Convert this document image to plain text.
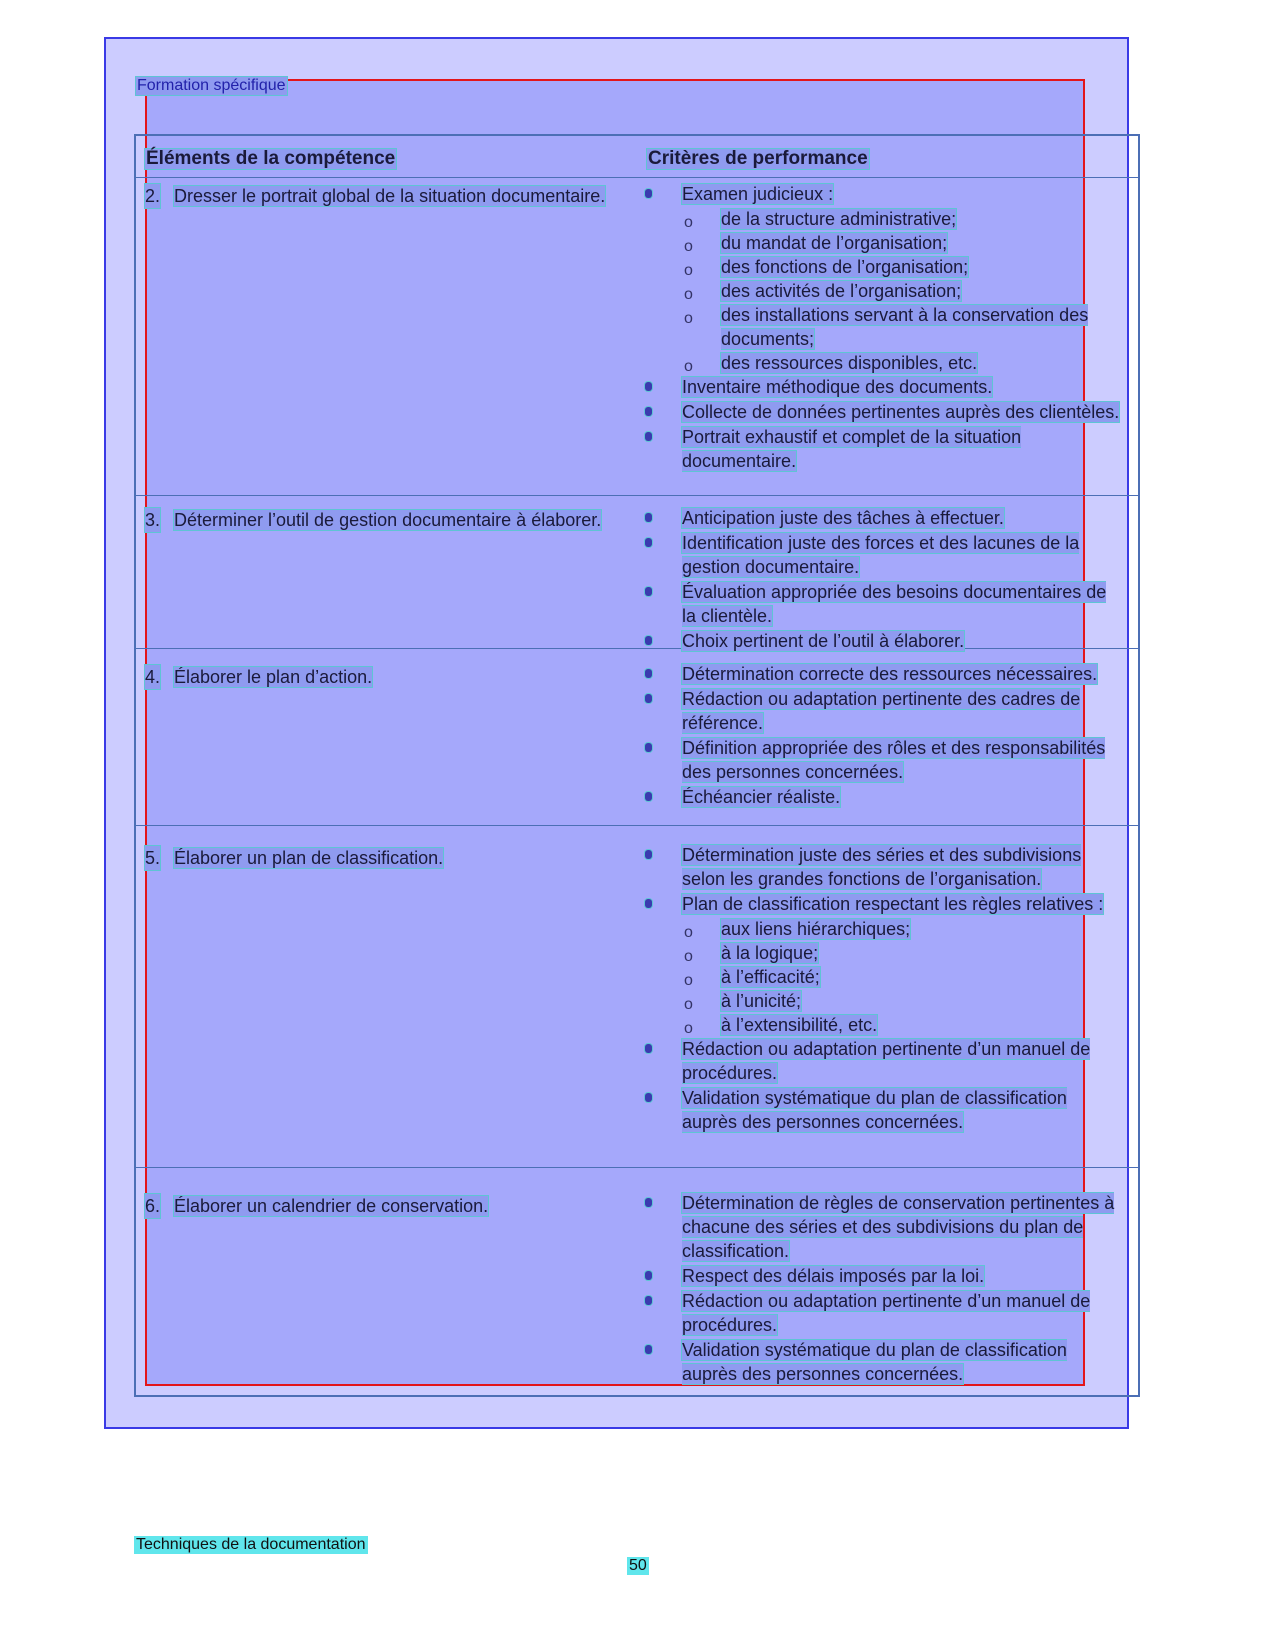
Formation spécifique
Éléments de la compétence	Critères de performance
2. Dresser le portrait global de la situation documentaire.	Examen judicieux :
o de la structure administrative;
o du mandat de l’organisation;
o des fonctions de l’organisation;
o des activités de l’organisation;
o des installations servant à la conservation des documents;
o des ressources disponibles, etc.
Inventaire méthodique des documents.
Collecte de données pertinentes auprès des clientèles.
Portrait exhaustif et complet de la situation documentaire.
3. Déterminer l’outil de gestion documentaire à élaborer.	Anticipation juste des tâches à effectuer.
Identification juste des forces et des lacunes de la gestion documentaire.
Évaluation appropriée des besoins documentaires de la clientèle.
Choix pertinent de l’outil à élaborer.
4. Élaborer le plan d’action.	Détermination correcte des ressources nécessaires.
Rédaction ou adaptation pertinente des cadres de référence.
Définition appropriée des rôles et des responsabilités des personnes concernées.
Échéancier réaliste.
5. Élaborer un plan de classification.	Détermination juste des séries et des subdivisions selon les grandes fonctions de l’organisation.
Plan de classification respectant les règles relatives :
o aux liens hiérarchiques;
o à la logique;
o à l’efficacité;
o à l’unicité;
o à l’extensibilité, etc.
Rédaction ou adaptation pertinente d’un manuel de procédures.
Validation systématique du plan de classification auprès des personnes concernées.
6. Élaborer un calendrier de conservation.	Détermination de règles de conservation pertinentes à chacune des séries et des subdivisions du plan de classification.
Respect des délais imposés par la loi.
Rédaction ou adaptation pertinente d’un manuel de procédures.
Validation systématique du plan de classification auprès des personnes concernées.
Techniques de la documentation
50
